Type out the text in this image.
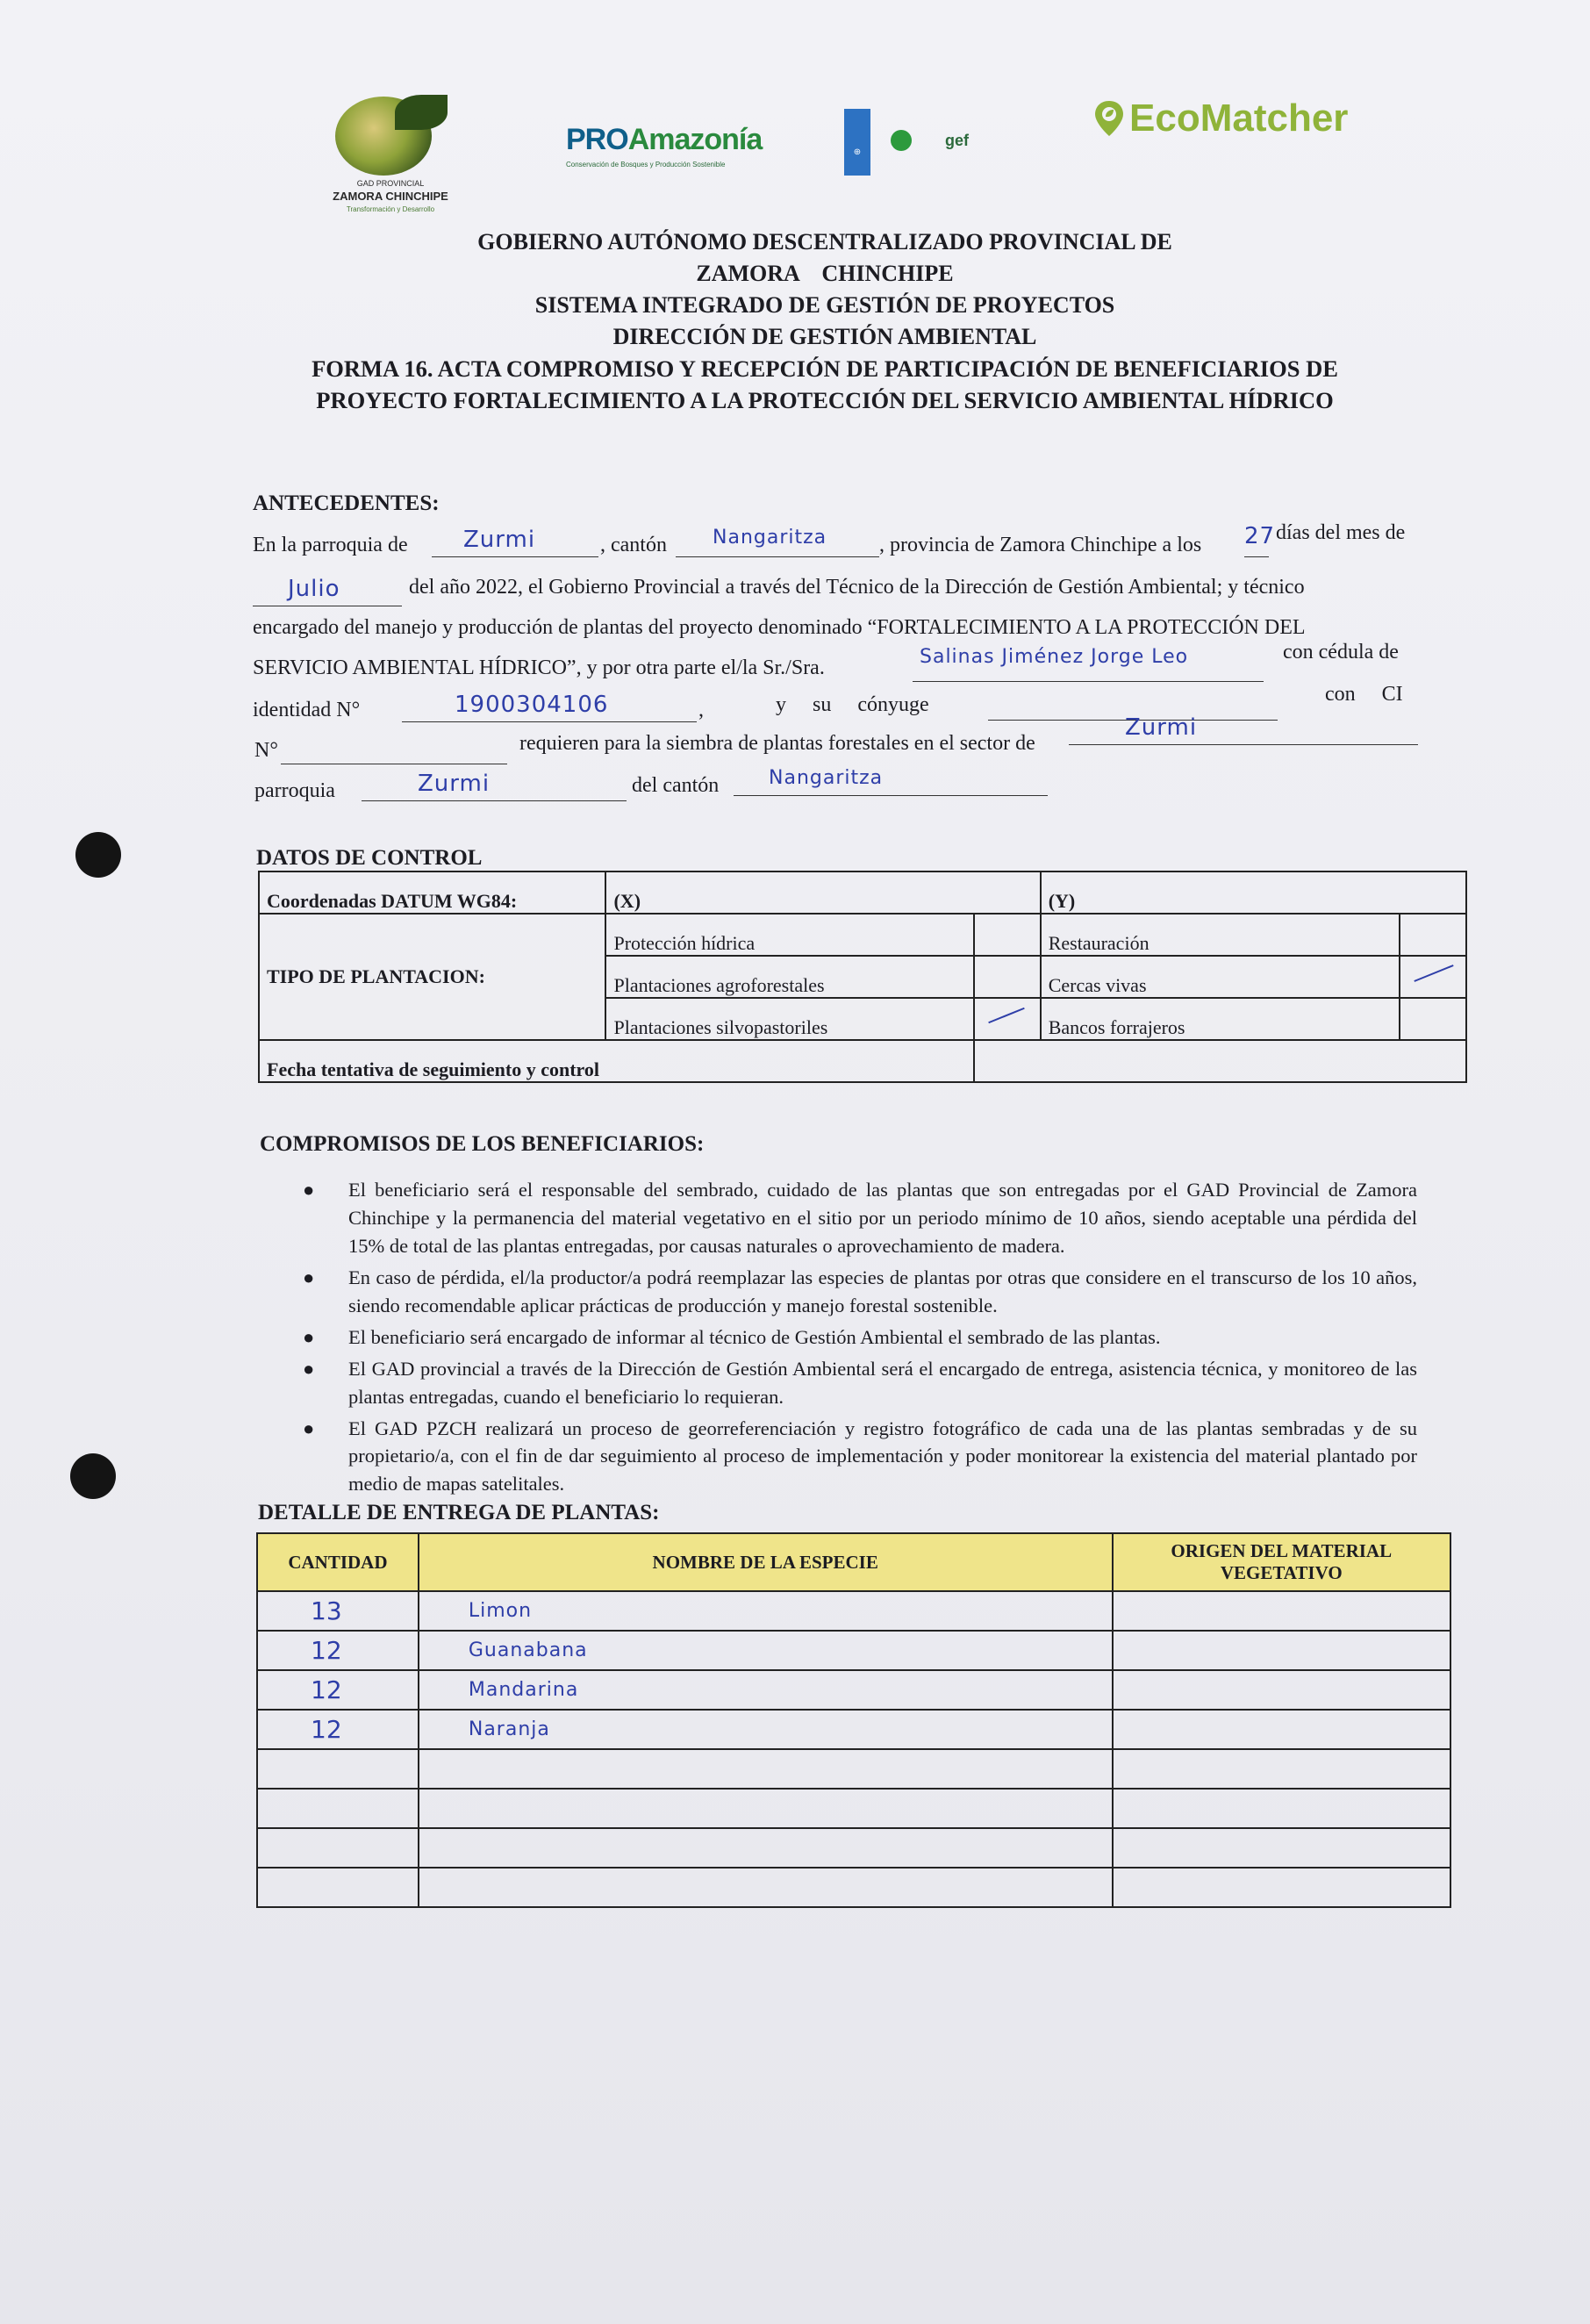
GAD PROVINCIAL
ZAMORA CHINCHIPE
Transformación y Desarrollo
PROAmazonía
Conservación de Bosques y Producción Sostenible
⊕
gef
EcoMatcher
GOBIERNO AUTÓNOMO DESCENTRALIZADO PROVINCIAL DE
ZAMORA    CHINCHIPE
SISTEMA INTEGRADO DE GESTIÓN DE PROYECTOS
DIRECCIÓN DE GESTIÓN AMBIENTAL
FORMA 16. ACTA COMPROMISO Y RECEPCIÓN DE PARTICIPACIÓN DE BENEFICIARIOS DE
PROYECTO FORTALECIMIENTO A LA PROTECCIÓN DEL SERVICIO AMBIENTAL HÍDRICO
ANTECEDENTES:
En la parroquia de Zurmi	, cantón Nangaritza , provincia de Zamora Chinchipe a los 27 días del mes de
Julio	del año 2022, el Gobierno Provincial a través del Técnico de la Dirección de Gestión Ambiental; y técnico
encargado del manejo y producción de plantas del proyecto denominado “FORTALECIMIENTO A LA PROTECCIÓN DEL
SERVICIO AMBIENTAL HÍDRICO”, y por otra parte el/la Sr./Sra.	Salinas Jiménez Jorge Leo	con cédula de
identidad N°	1900304106	,	y     su     cónyuge	con     CI
N°	requieren para la siembra de plantas forestales en el sector de
Zurmi
parroquia	Zurmi	del cantón	Nangaritza
DATOS DE CONTROL
Coordenadas DATUM WG84:	(X)		(Y)	
TIPO DE PLANTACION:	Protección hídrica		Restauración	
	Plantaciones agroforestales		Cercas vivas	

	Plantaciones silvopastoriles		Bancos forrajeros	
Fecha tentativa de seguimiento y control				
COMPROMISOS DE LOS BENEFICIARIOS:
● El beneficiario será el responsable del sembrado, cuidado de las plantas que son entregadas por el GAD Provincial de Zamora Chinchipe y la permanencia del material vegetativo en el sitio por un periodo mínimo de 10 años, siendo aceptable una pérdida del 15% de total de las plantas entregadas, por causas naturales o aprovechamiento de madera.
● En caso de pérdida, el/la productor/a podrá reemplazar las especies de plantas por otras que considere en el transcurso de los 10 años, siendo recomendable aplicar prácticas de producción y manejo forestal sostenible.
● El beneficiario será encargado de informar al técnico de Gestión Ambiental el sembrado de las plantas.
● El GAD provincial a través de la Dirección de Gestión Ambiental será el encargado de entrega, asistencia técnica, y monitoreo de las plantas entregadas, cuando el beneficiario lo requieran.
● El GAD PZCH realizará un proceso de georreferenciación y registro fotográfico de cada una de las plantas sembradas y de su propietario/a, con el fin de dar seguimiento al proceso de implementación y poder monitorear la existencia del material plantado por medio de mapas satelitales.
DETALLE DE ENTREGA DE PLANTAS:
CANTIDAD	NOMBRE DE LA ESPECIE	ORIGEN DEL MATERIAL VEGETATIVO
13	Limon	
12	Guanabana	
12	Mandarina	
12	Naranja	
